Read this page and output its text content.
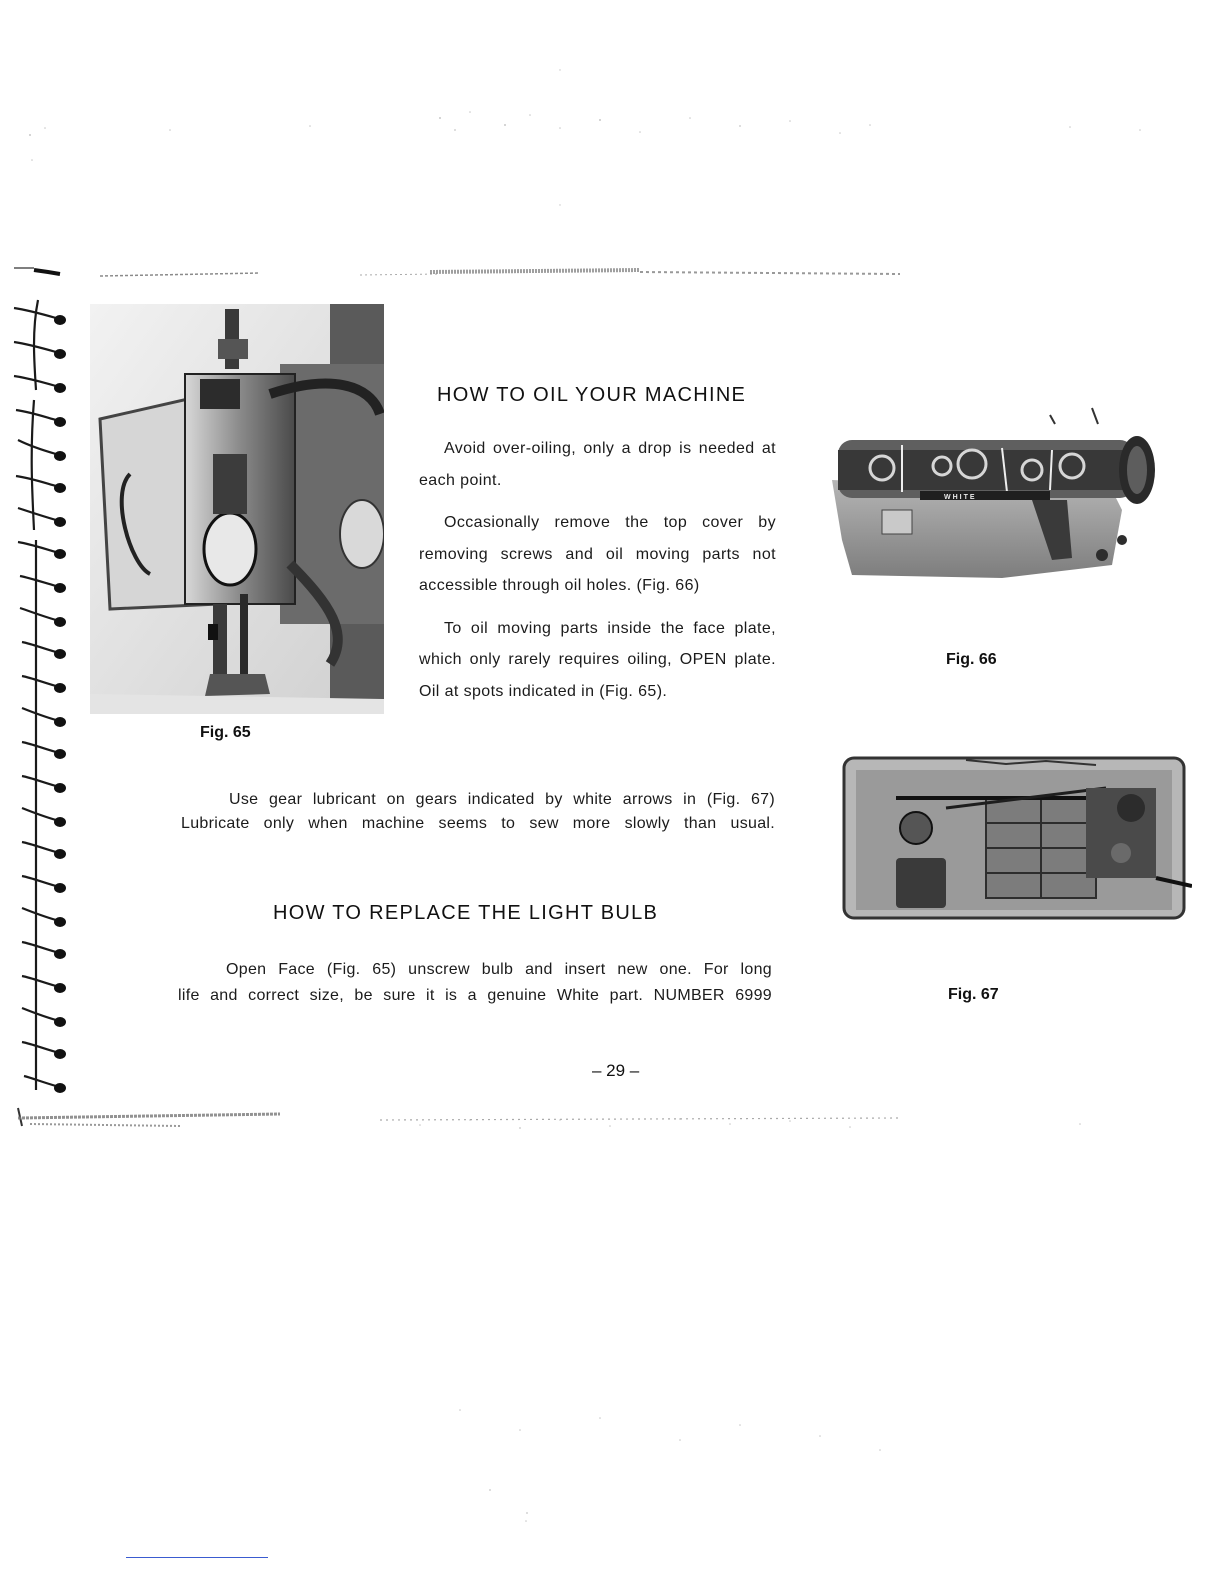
Fig. 65
HOW TO OIL YOUR MACHINE

Avoid over-oiling, only a drop is needed at each point.

Occasionally remove the top cover by removing screws and oil moving parts not accessible through oil holes. (Fig. 66)

To oil moving parts inside the face plate, which only rarely requires oiling, OPEN plate. Oil at spots indicated in (Fig. 65).

WHITE
Fig. 66
Use gear lubricant on gears indicated by white arrows in (Fig. 67)
Lubricate only when machine seems to sew more slowly than usual.
Fig. 67
HOW TO REPLACE THE LIGHT BULB
Open Face (Fig. 65) unscrew bulb and insert new one. For long
life and correct size, be sure it is a genuine White part. NUMBER 6999
– 29 –
